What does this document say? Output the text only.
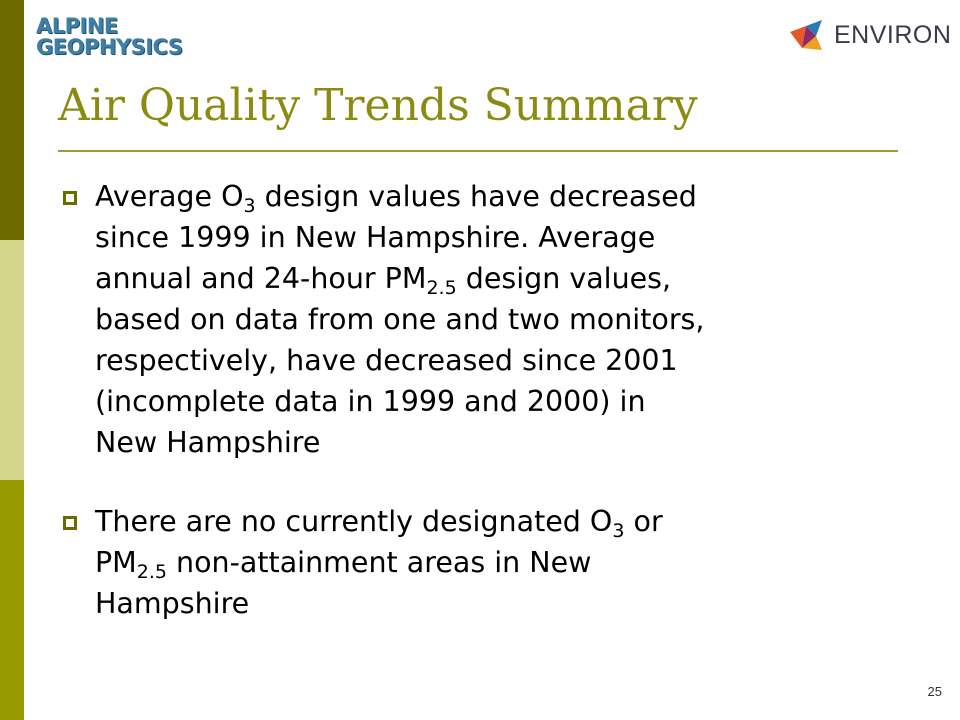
ALPINE
GEOPHYSICS	ENVIRON
Air Quality Trends Summary
Average $O_3$ design values have decreased
since 1999 in New Hampshire. Average
annual and 24-hour $PM_{2.5}$ design values,
based on data from one and two monitors,
respectively, have decreased since 2001
(incomplete data in 1999 and 2000) in
New Hampshire
There are no currently designated $O_3$ or
$PM_{2.5}$ non-attainment areas in New
Hampshire
25
